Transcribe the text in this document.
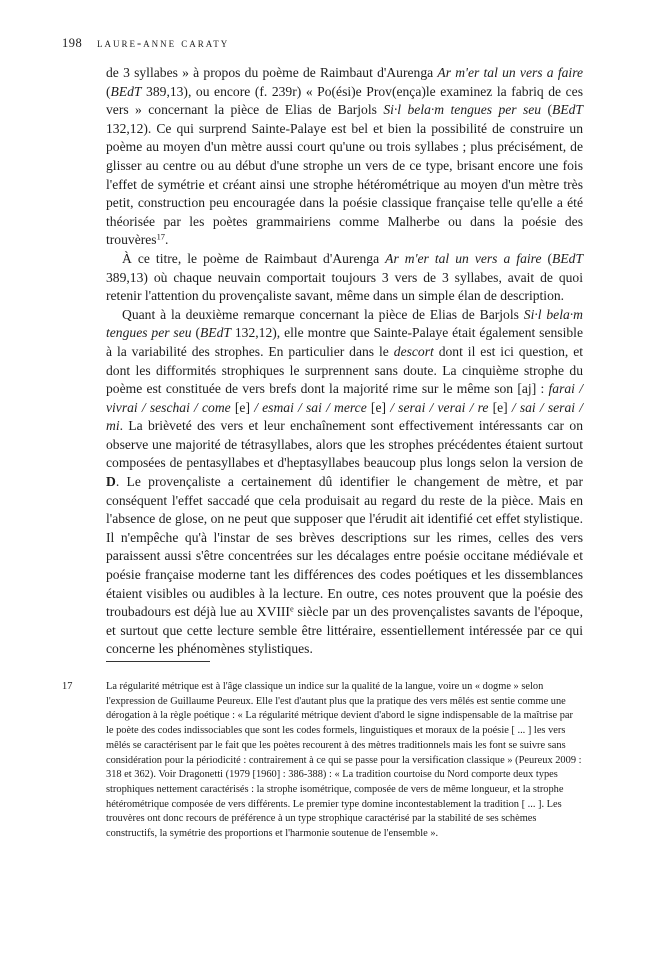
198 laure-anne caraty

de 3 syllabes » à propos du poème de Raimbaut d'Aurenga Ar m'er tal un vers a faire (BEdT 389,13), ou encore (f. 239r) « Po(ési)e Prov(ença)le examinez la fabriq de ces vers » concernant la pièce de Elias de Barjols Si·l bela·m tengues per seu (BEdT 132,12). Ce qui surprend Sainte-Palaye est bel et bien la possibilité de construire un poème au moyen d'un mètre aussi court qu'une ou trois syllabes ; plus précisément, de glisser au centre ou au début d'une strophe un vers de ce type, brisant encore une fois l'effet de symétrie et créant ainsi une strophe hétérométrique au moyen d'un mètre très petit, construction peu encouragée dans la poésie classique française telle qu'elle a été théorisée par les poètes grammairiens comme Malherbe ou dans la poésie des trouvères$^{17}$.

À ce titre, le poème de Raimbaut d'Aurenga Ar m'er tal un vers a faire (BEdT 389,13) où chaque neuvain comportait toujours 3 vers de 3 syllabes, avait de quoi retenir l'attention du provençaliste savant, même dans un simple élan de description.

Quant à la deuxième remarque concernant la pièce de Elias de Barjols Si·l bela·m tengues per seu (BEdT 132,12), elle montre que Sainte-Palaye était également sensible à la variabilité des strophes. En particulier dans le descort dont il est ici question, et dont les difformités strophiques le surprennent sans doute. La cinquième strophe du poème est constituée de vers brefs dont la majorité rime sur le même son [aj] : farai / vivrai / seschai / come [e] / esmai / sai / merce [e] / serai / verai / re [e] / sai / serai / mi. La brièveté des vers et leur enchaînement sont effectivement intéressants car on observe une majorité de tétrasyllabes, alors que les strophes précédentes étaient surtout composées de pentasyllabes et d'heptasyllabes beaucoup plus longs selon la version de D. Le provençaliste a certainement dû identifier le changement de mètre, et par conséquent l'effet saccadé que cela produisait au regard du reste de la pièce. Mais en l'absence de glose, on ne peut que supposer que l'érudit ait identifié cet effet stylistique. Il n'empêche qu'à l'instar de ses brèves descriptions sur les rimes, celles des vers paraissent aussi s'être concentrées sur les décalages entre poésie occitane médiévale et poésie française moderne tant les différences des codes poétiques et les dissemblances étaient visibles ou audibles à la lecture. En outre, ces notes prouvent que la poésie des troubadours est déjà lue au XVIIIe siècle par un des provençalistes savants de l'époque, et surtout que cette lecture semble être littéraire, essentiellement intéressée par ce qui concerne les phénomènes stylistiques.

17	La régularité métrique est à l'âge classique un indice sur la qualité de la langue, voire un « dogme » selon l'expression de Guillaume Peureux. Elle l'est d'autant plus que la pratique des vers mêlés est sentie comme une dérogation à la règle poétique : « La régularité métrique devient d'abord le signe indispensable de la maîtrise par le poète des codes indissociables que sont les codes formels, linguistiques et moraux de la poésie [ ... ] les vers mêlés se caractérisent par le fait que les poètes recourent à des mètres traditionnels mais les font se suivre sans considération pour la périodicité : contrairement à ce qui se passe pour la versification classique » (Peureux 2009 : 318 et 362). Voir Dragonetti (1979 [1960] : 386-388) : « La tradition courtoise du Nord comporte deux types strophiques nettement caractérisés : la strophe isométrique, composée de vers de même longueur, et la strophe hétérométrique composée de vers différents. Le premier type domine incontestablement la tradition [ ... ]. Les trouvères ont donc recours de préférence à un type strophique caractérisé par la stabilité de ses schèmes constructifs, la symétrie des proportions et l'harmonie soutenue de l'ensemble ».
